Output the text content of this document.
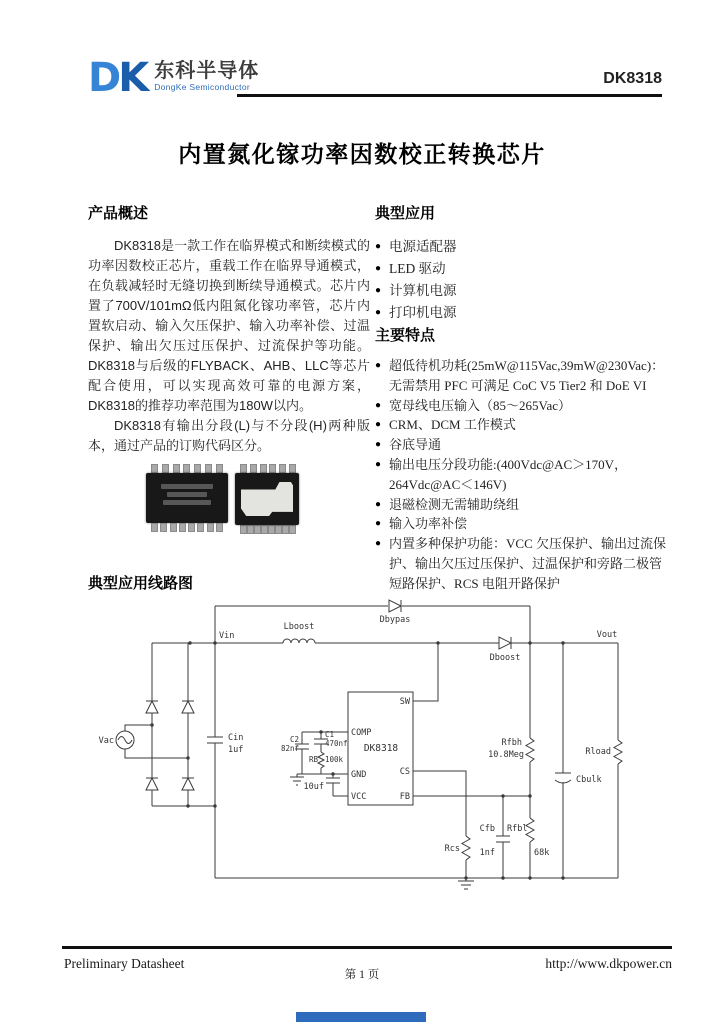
DK 东科半导体
DongKe Semiconductor	DK8318
内置氮化镓功率因数校正转换芯片
产品概述

DK8318是一款工作在临界模式和断续模式的功率因数校正芯片，重载工作在临界导通模式，在负载减轻时无缝切换到断续导通模式。芯片内置了700V/101mΩ低内阻氮化镓功率管，芯片内置软启动、输入欠压保护、输入功率补偿、过温保护、输出欠压过压保护、过流保护等功能。DK8318与后级的FLYBACK、AHB、LLC等芯片配合使用，可以实现高效可靠的电源方案，DK8318的推荐功率范围为180W以内。

DK8318有输出分段(L)与不分段(H)两种版本，通过产品的订购代码区分。

典型应用
● 电源适配器
● LED 驱动
● 计算机电源
● 打印机电源
主要特点
● 超低待机功耗(25mW@115Vac,39mW@230Vac)：无需禁用 PFC 可满足 CoC V5 Tier2 和 DoE VI
● 宽母线电压输入（85～265Vac）
● CRM、DCM 工作模式
● 谷底导通
● 输出电压分段功能:(400Vdc@AC＞170V，264Vdc@AC＜146V)
● 退磁检测无需辅助绕组
● 输入功率补偿
● 内置多种保护功能：VCC 欠压保护、输出过流保护、输出欠压过压保护、过温保护和旁路二极管短路保护、RCS 电阻开路保护
典型应用线路图
Vin
Lboost
Dbypas
Dboost
Vout
Vac	Cin
1uf
COMP
GND
VCC
SW
CS
FB
DK8318
C2
82nf
C1
470nf
RB 100k
10uf
Rcs
Cfb
1nf
Rfbl
68k
Rfbh
10.8Meg
Cbulk
Rload
Preliminary Datasheet
第 1 页
http://www.dkpower.cn
